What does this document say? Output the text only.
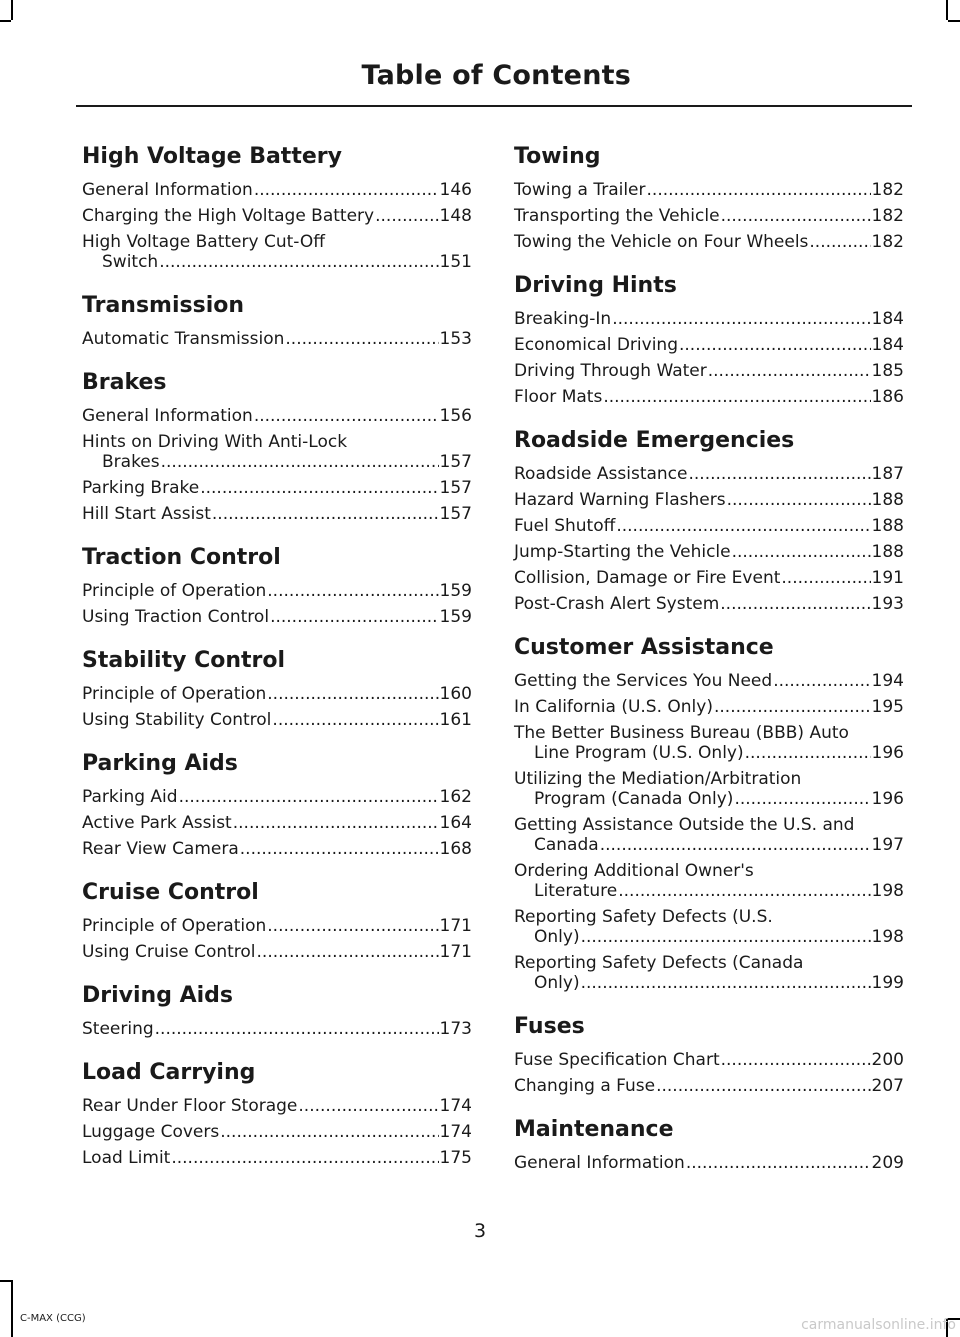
Table of Contents
High Voltage Battery
General Information .....	146
Charging the High Voltage Battery .....	148
High Voltage Battery Cut-Off
Switch .....	151
Transmission
Automatic Transmission .....	153
Brakes
General Information .....	156
Hints on Driving With Anti-Lock
Brakes .....	157
Parking Brake .....	157
Hill Start Assist .....	157
Traction Control
Principle of Operation .....	159
Using Traction Control .....	159
Stability Control
Principle of Operation .....	160
Using Stability Control .....	161
Parking Aids
Parking Aid .....	162
Active Park Assist .....	164
Rear View Camera .....	168
Cruise Control
Principle of Operation .....	171
Using Cruise Control .....	171
Driving Aids
Steering .....	173
Load Carrying
Rear Under Floor Storage .....	174
Luggage Covers .....	174
Load Limit .....	175
Towing
Towing a Trailer .....	182
Transporting the Vehicle .....	182
Towing the Vehicle on Four Wheels .....	182
Driving Hints
Breaking-In .....	184
Economical Driving .....	184
Driving Through Water .....	185
Floor Mats .....	186
Roadside Emergencies
Roadside Assistance .....	187
Hazard Warning Flashers .....	188
Fuel Shutoff .....	188
Jump-Starting the Vehicle .....	188
Collision, Damage or Fire Event .....	191
Post-Crash Alert System .....	193
Customer Assistance
Getting the Services You Need .....	194
In California (U.S. Only) .....	195
The Better Business Bureau (BBB) Auto
Line Program (U.S. Only) .....	196
Utilizing the Mediation/Arbitration
Program (Canada Only) .....	196
Getting Assistance Outside the U.S. and
Canada .....	197
Ordering Additional Owner's
Literature .....	198
Reporting Safety Defects (U.S.
Only) .....	198
Reporting Safety Defects (Canada
Only) .....	199
Fuses
Fuse Specification Chart .....	200
Changing a Fuse .....	207
Maintenance
General Information .....	209
3
C-MAX (CCG)	carmanualsonline.info
